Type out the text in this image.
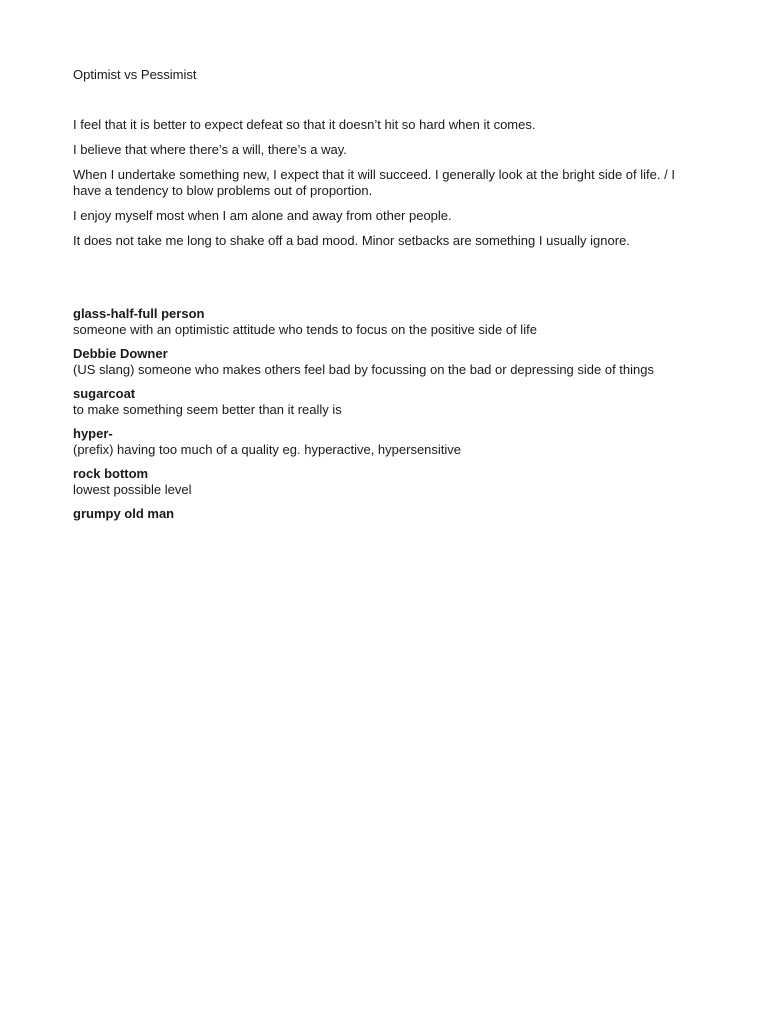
Optimist vs Pessimist

I feel that it is better to expect defeat so that it doesn’t hit so hard when it comes.

I believe that where there’s a will, there’s a way.

When I undertake something new, I expect that it will succeed. I generally look at the bright side of life. / I have a tendency to blow problems out of proportion.

I enjoy myself most when I am alone and away from other people.

It does not take me long to shake off a bad mood. Minor setbacks are something I usually ignore.

glass-half-full person
someone with an optimistic attitude who tends to focus on the positive side of life
Debbie Downer
(US slang) someone who makes others feel bad by focussing on the bad or depressing side of things
sugarcoat
to make something seem better than it really is
hyper-
(prefix) having too much of a quality eg. hyperactive, hypersensitive
rock bottom
lowest possible level
grumpy old man
